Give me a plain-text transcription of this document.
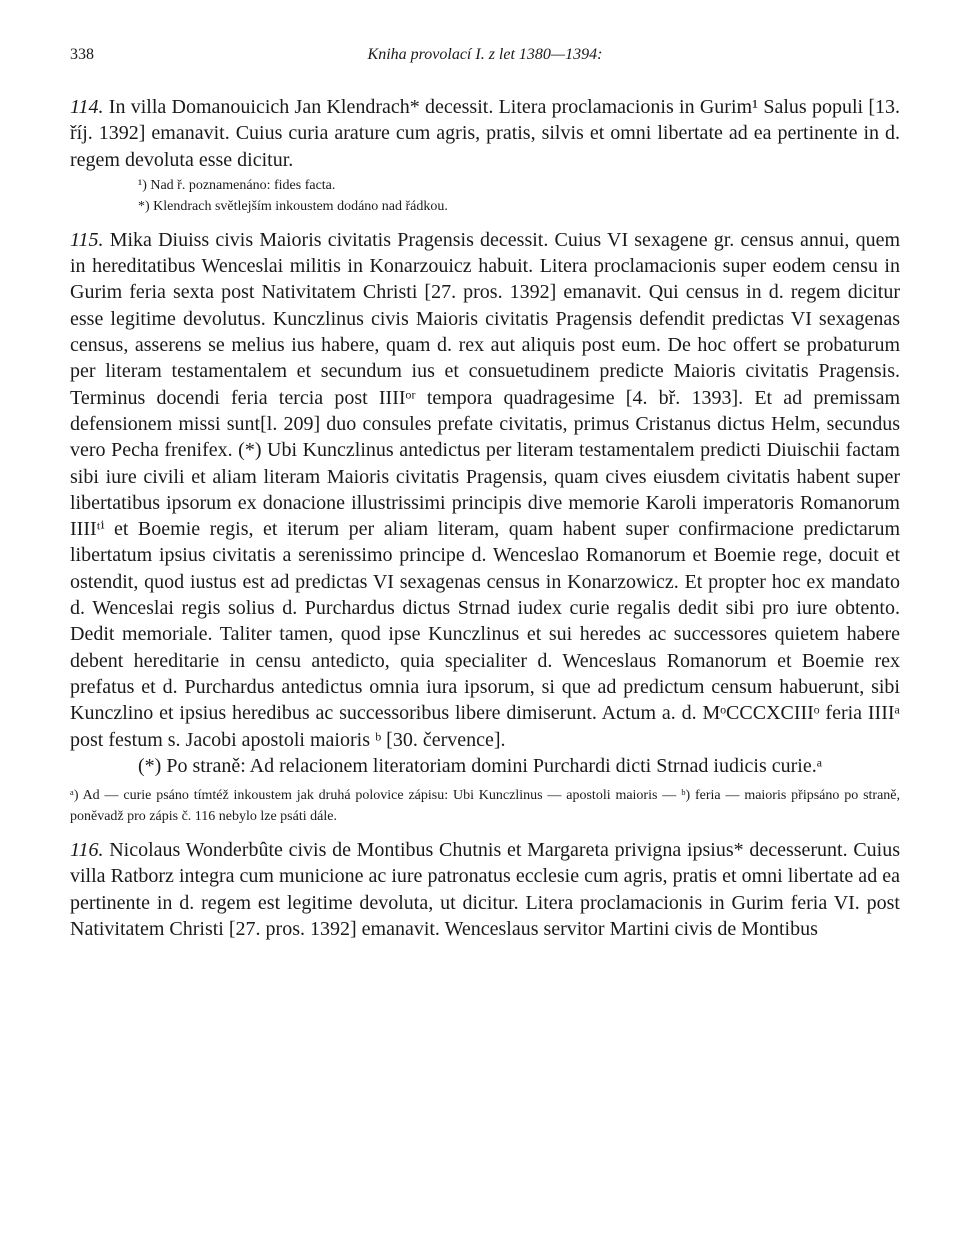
338	Kniha provolací I. z let 1380—1394:

114. In villa Domanouicich Jan Klendrach* decessit. Litera proclamacionis in Gurim¹ Salus populi [13. říj. 1392] emanavit. Cuius curia arature cum agris, pratis, silvis et omni libertate ad ea pertinente in d. regem devoluta esse dicitur.

¹) Nad ř. poznamenáno: fides facta.
*) Klendrach světlejším inkoustem dodáno nad řádkou.

115. Mika Diuiss civis Maioris civitatis Pragensis decessit. Cuius VI sexagene gr. census annui, quem in hereditatibus Wenceslai militis in Konarzouicz habuit. Litera proclamacionis super eodem censu in Gurim feria sexta post Nativitatem Christi [27. pros. 1392] emanavit. Qui census in d. regem dicitur esse legitime devolutus. Kunczlinus civis Maioris civitatis Pragensis defendit predictas VI sexagenas census, asserens se melius ius habere, quam d. rex aut aliquis post eum. De hoc offert se probaturum per literam testamentalem et secundum ius et consuetudinem predicte Maioris civitatis Pragensis. Terminus docendi feria tercia post IIIIᵒʳ tempora quadragesime [4. bř. 1393]. Et ad premissam defensionem missi sunt[l. 209] duo consules prefate civitatis, primus Cristanus dictus Helm, secundus vero Pecha frenifex. (*) Ubi Kunczlinus antedictus per literam testamentalem predicti Diuischii factam sibi iure civili et aliam literam Maioris civitatis Pragensis, quam cives eiusdem civitatis habent super libertatibus ipsorum ex donacione illustrissimi principis dive memorie Karoli imperatoris Romanorum IIIIᵗⁱ et Boemie regis, et iterum per aliam literam, quam habent super confirmacione predictarum libertatum ipsius civitatis a serenissimo principe d. Wenceslao Romanorum et Boemie rege, docuit et ostendit, quod iustus est ad predictas VI sexagenas census in Konarzowicz. Et propter hoc ex mandato d. Wenceslai regis solius d. Purchardus dictus Strnad iudex curie regalis dedit sibi pro iure obtento. Dedit memoriale. Taliter tamen, quod ipse Kunczlinus et sui heredes ac successores quietem habere debent hereditarie in censu antedicto, quia specialiter d. Wenceslaus Romanorum et Boemie rex prefatus et d. Purchardus antedictus omnia iura ipsorum, si que ad predictum censum habuerunt, sibi Kunczlino et ipsius heredibus ac successoribus libere dimiserunt. Actum a. d. MᵒCCCXCIIIᵒ feria IIIIᵃ post festum s. Jacobi apostoli maioris ᵇ [30. července].

(*) Po straně: Ad relacionem literatoriam domini Purchardi dicti Strnad iudicis curie.ᵃ

ᵃ) Ad — curie psáno tímtéž inkoustem jak druhá polovice zápisu: Ubi Kunczlinus — apostoli maioris — ᵇ) feria — maioris připsáno po straně, poněvadž pro zápis č. 116 nebylo lze psáti dále.

116. Nicolaus Wonderbûte civis de Montibus Chutnis et Margareta privigna ipsius* decesserunt. Cuius villa Ratborz integra cum municione ac iure patronatus ecclesie cum agris, pratis et omni libertate ad ea pertinente in d. regem est legitime devoluta, ut dicitur. Litera proclamacionis in Gurim feria VI. post Nativitatem Christi [27. pros. 1392] emanavit. Wenceslaus servitor Martini civis de Montibus
